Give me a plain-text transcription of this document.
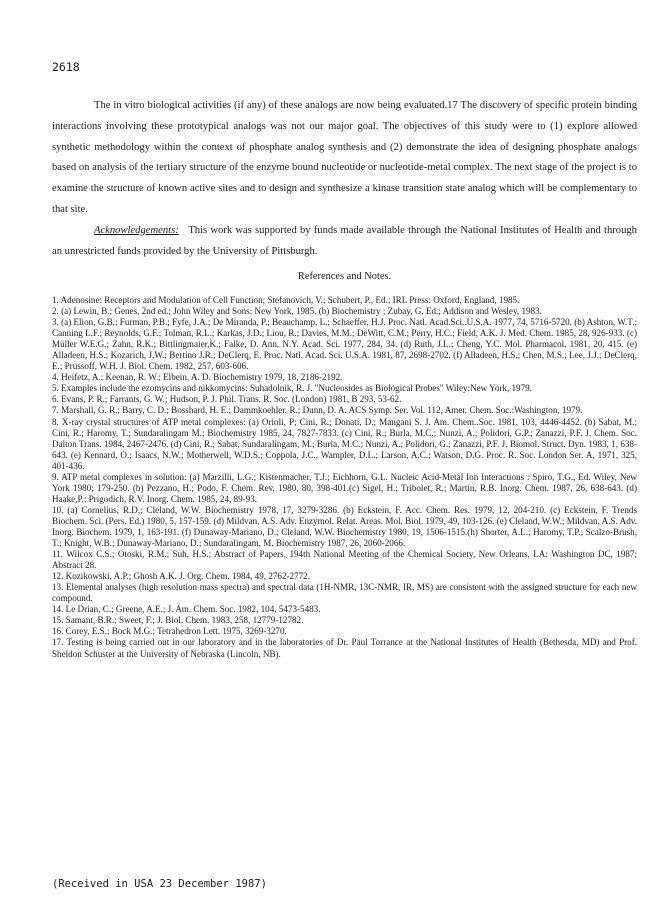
2618

The in vitro biological activities (if any) of these analogs are now being evaluated.17 The discovery of specific protein binding interactions involving these prototypical analogs was not our major goal. The objectives of this study were to (1) explore allowed synthetic methodology within the context of phosphate analog synthesis and (2) demonstrate the idea of designing phosphate analogs based on analysis of the tertiary structure of the enzyme bound nucleotide or nucleotide-metal complex. The next stage of the project is to examine the structure of known active sites and to design and synthesize a kinase transition state analog which will be complementary to that site.

Acknowledgements: This work was supported by funds made available through the National Institutes of Health and through an unrestricted funds provided by the University of Pittsburgh.

References and Notes.

1. Adenosine: Receptors and Modulation of Cell Function; Stefanovich, V.; Schubert, P., Ed.; IRL Press: Oxford, England, 1985.

2. (a) Lewin, B.; Genes, 2nd ed.; John Wiley and Sons: New York, 1985. (b) Biochemistry ; Zubay, G. Ed.; Addison and Wesley, 1983.

3. (a) Elion, G.B.; Furman, P.B.; Fyfe, J.A.; De Miranda, P.; Beauchamp, L.; Schaeffer, H.J. Proc. Natl. Acad.Sci..U.S.A. 1977, 74, 5716-5720. (b) Ashton, W.T.; Canning L.F.; Reynolds, G.F.; Tolman, R.L.; Karkas, J.D.; Liou, R.; Davies, M.M.; DeWitt, C.M.; Perry, H.C.; Field, A.K. J. Med. Chem. 1985, 28, 926-933. (c) Müller W.E.G.; Zahn, R.K.; Bittlingmaier,K.; Falke, D. Ann. N.Y. Acad. Sci. 1977, 284, 34. (d) Ruth, J.L.; Cheng, Y.C. Mol. Pharmacol. 1981, 20, 415. (e) Alladeen, H.S.; Kozarich, J.W.; Bertino J.R.; DeClerq, E. Proc. Natl. Acad. Sci. U.S.A. 1981, 87, 2698-2702. (f) Alladeen, H.S.; Chen, M.S.; Lee, J.J.; DeClerq, E.; Prussoff, W.H. J. Biol. Chem. 1982, 257, 603-606.

4. Heifetz, A.; Keenan, R. W.; Elbein, A. D. Biochemistry 1979, 18, 2186-2192.

5. Examples include the ezomycins and nikkomycins: Suhadolnik, R. J. "Nucleosides as Biological Probes" Wiley:New York, 1979.

6. Evans, P. R.; Farrants, G. W.; Hudson, P. J. Phil. Trans. R. Soc. (London) 1981, B 293, 53-62.

7. Marshall, G. R.; Barry, C. D.; Bosshard, H. E.; Dammkoehler, R.; Dunn, D. A. ACS Symp. Ser. Vol. 112, Amer. Chem. Soc.:Washington, 1979.

8. X-ray crystal structures of ATP metal complexes: (a) Orioli, P; Cini, R.; Donati, D.; Mangani S. J. Am. Chem..Soc. 1981, 103, 4446-4452. (b) Sabat, M.; Cini, R.; Haromy, T.; Sundaralingam M.; Biochemistry 1985, 24, 7827-7833. (c) Cini, R.; Burla, M.C.; Nunzi, A.; Polidori, G.P.; Zanazzi, P.F. J. Chem. Soc. Dalton Trans. 1984, 2467-2476. (d) Cini, R.; Sabat, Sundaralingam, M.; Burla, M.C.; Nunzi, A.; Polidori, G.; Zanazzi, P.F. J. Biomol. Struct. Dyn. 1983, 1, 638-643. (e) Kennard, O.; Isaacs, N.W.; Motherwell, W.D.S.; Coppola, J.C., Wampler, D.L.; Larson, A.C.; Watson, D.G. Proc. R. Soc. London Ser. A, 1971, 325, 401-436.

9. ATP metal complexes in solution: (a) Marzilli, L.G.; Kistenmacher, T.J.; Eichhorn, G.L. Nucleic Acid-Metal Ion Interactions : Spiro, T.G., Ed. Wiley, New York 1980; 179-250. (b) Pezzano, H.; Podo, F. Chem. Rev. 1980, 80, 398-401.(c) Sigel, H.; Tribolet, R.; Martin, R.B. Inorg. Chem. 1987, 26, 638-643. (d) Haake,P.; Prigodich, R.V. Inorg. Chem. 1985, 24, 89-93.

10. (a) Cornelius, R.D.; Cleland, W.W. Biochemistry 1978, 17, 3279-3286. (b) Eckstein, F. Acc. Chem. Res. 1979, 12, 204-210. (c) Eckstein, F. Trends Biochem. Sci. (Pers. Ed.) 1980, 5, 157-159. (d) Mildvan, A.S. Adv. Enzymol. Relat. Areas. Mol. Biol. 1979, 49, 103-126. (e) Cleland, W.W.; Mildvan, A.S. Adv. Inorg. Biochem. 1979, 1, 163-191. (f) Dunaway-Mariano, D.; Cleland, W.W. Biochemistry 1980, 19, 1506-1515.(h) Shorter, A.L.; Haromy, T.P.; Scalzo-Brush, T.; Knight, W.B.; Dunaway-Mariano, D.; Sundaralingam, M. Biochemistry 1987, 26, 2060-2066.

11. Wilcox C.S.; Otoski, R.M.; Suh, H.S.; Abstract of Papers, 194th National Meeting of the Chemical Society, New Orleans, LA: Washington DC, 1987; Abstract 28.

12. Kozikowski, A.P.; Ghosh A.K. J. Org. Chem. 1984, 49, 2762-2772.

13. Elemental analyses (high resolution mass spectra) and spectral data (1H-NMR, 13C-NMR, IR, MS) are consistent with the assigned structure for each new compound.

14. Le Drian, C.; Greene, A.E.; J. Am. Chem. Soc. 1982, 104, 5473-5483.

15. Samant, B.R.; Sweet, F.; J. Biol. Chem. 1983, 258, 12779-12782.

16. Corey, E.S.; Bock M.G.; Tetrahedron Lett. 1975, 3269-3270.

17. Testing is being carried out in our laboratory and in the laboratories of Dr. Paul Torrance at the National Institutes of Health (Bethesda, MD) and Prof. Sheldon Schuster at the University of Nebraska (Lincoln, NB).

(Received in USA 23 December 1987)
